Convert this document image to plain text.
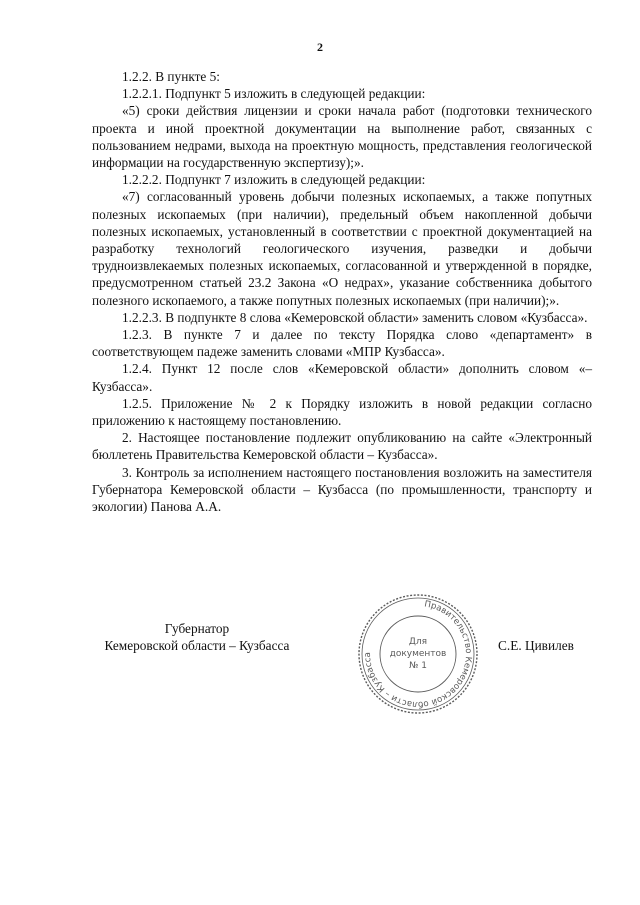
2

1.2.2. В пункте 5:

1.2.2.1. Подпункт 5 изложить в следующей редакции:

«5) сроки действия лицензии и сроки начала работ (подготовки технического проекта и иной проектной документации на выполнение работ, связанных с пользованием недрами, выхода на проектную мощность, представления геологической информации на государственную экспертизу);».

1.2.2.2. Подпункт 7 изложить в следующей редакции:

«7) согласованный уровень добычи полезных ископаемых, а также попутных полезных ископаемых (при наличии), предельный объем накопленной добычи полезных ископаемых, установленный в соответствии с проектной документацией на разработку технологий геологического изучения, разведки и добычи трудноизвлекаемых полезных ископаемых, согласованной и утвержденной в порядке, предусмотренном статьей 23.2 Закона «О недрах», указание собственника добытого полезного ископаемого, а также попутных полезных ископаемых (при наличии);».

1.2.2.3. В подпункте 8 слова «Кемеровской области» заменить словом «Кузбасса».

1.2.3. В пункте 7 и далее по тексту Порядка слово «департамент» в соответствующем падеже заменить словами «МПР Кузбасса».

1.2.4. Пункт 12 после слов «Кемеровской области» дополнить словом «– Кузбасса».

1.2.5. Приложение № 2 к Порядку изложить в новой редакции согласно приложению к настоящему постановлению.

2. Настоящее постановление подлежит опубликованию на сайте «Электронный бюллетень Правительства Кемеровской области – Кузбасса».

3. Контроль за исполнением настоящего постановления возложить на заместителя Губернатора Кемеровской области – Кузбасса (по промышленности, транспорту и экологии) Панова А.А.

Губернатор
Кемеровской области – Кузбасса	С.Е. Цивилев
Правительство Кемеровской области – Кузбасса
Для
документов
№ 1
